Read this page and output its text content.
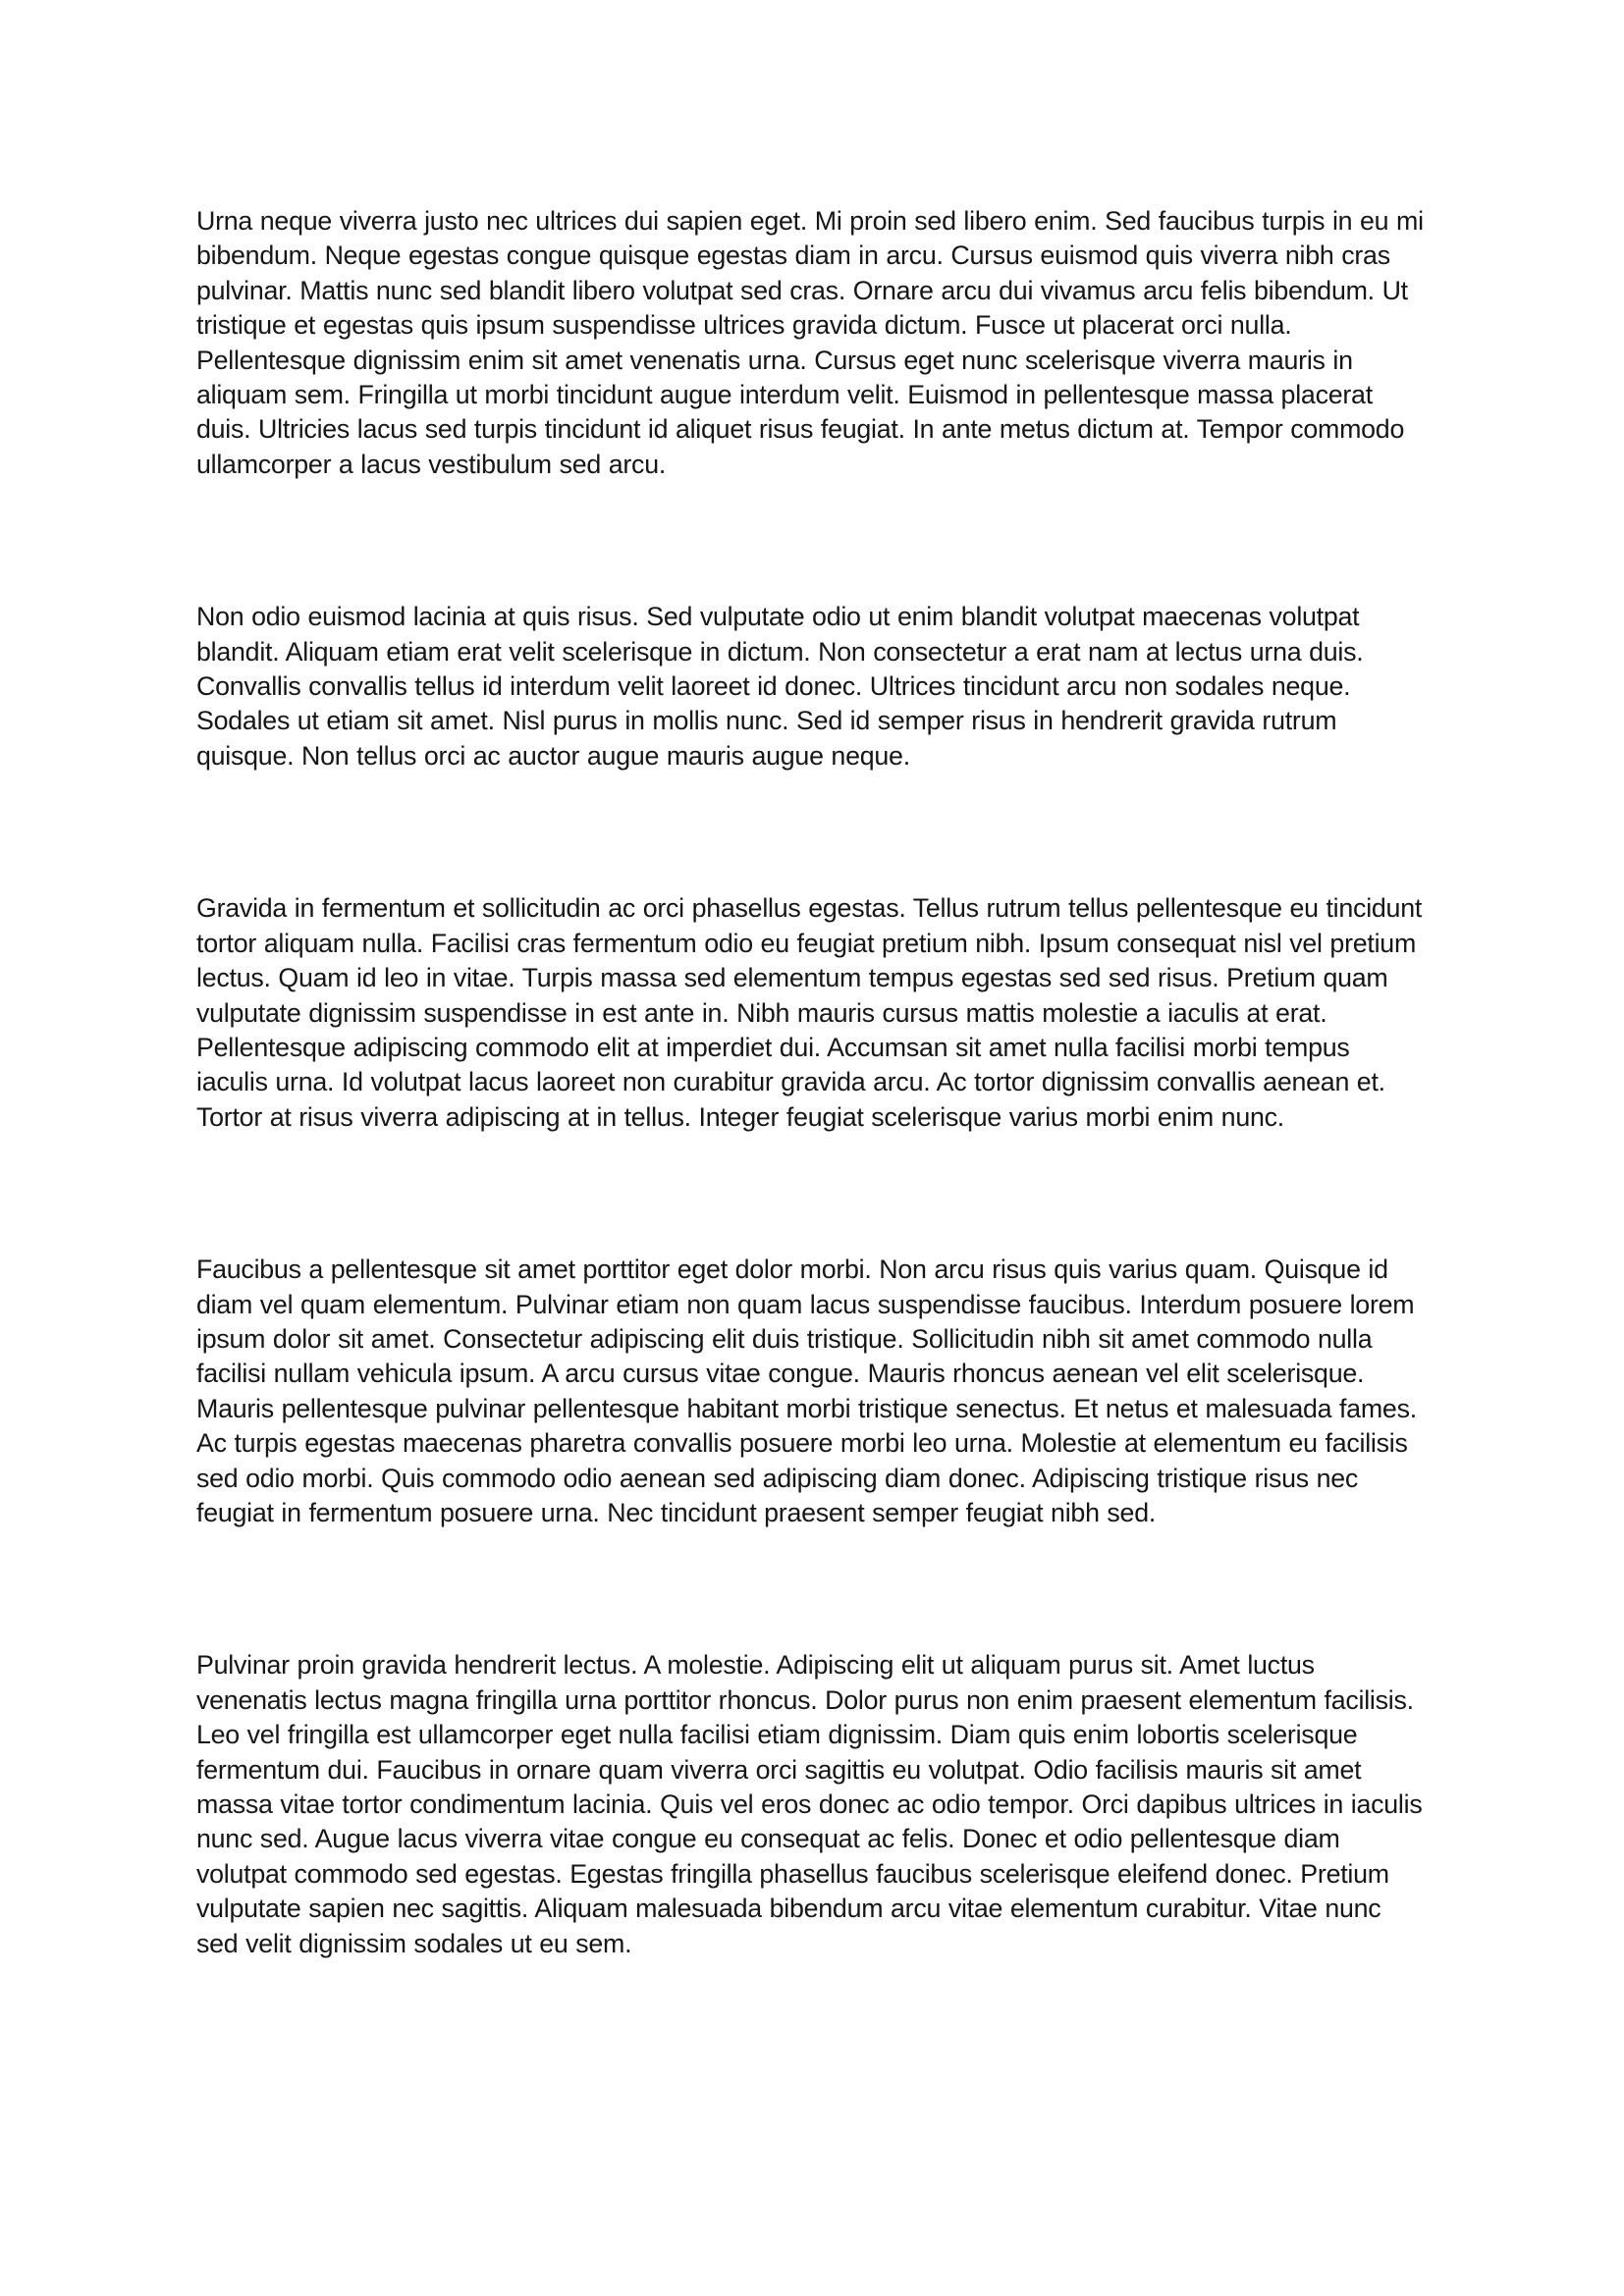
Urna neque viverra justo nec ultrices dui sapien eget. Mi proin sed libero enim. Sed faucibus turpis in eu mi bibendum. Neque egestas congue quisque egestas diam in arcu. Cursus euismod quis viverra nibh cras pulvinar. Mattis nunc sed blandit libero volutpat sed cras. Ornare arcu dui vivamus arcu felis bibendum. Ut tristique et egestas quis ipsum suspendisse ultrices gravida dictum. Fusce ut placerat orci nulla. Pellentesque dignissim enim sit amet venenatis urna. Cursus eget nunc scelerisque viverra mauris in aliquam sem. Fringilla ut morbi tincidunt augue interdum velit. Euismod in pellentesque massa placerat duis. Ultricies lacus sed turpis tincidunt id aliquet risus feugiat. In ante metus dictum at. Tempor commodo ullamcorper a lacus vestibulum sed arcu.

Non odio euismod lacinia at quis risus. Sed vulputate odio ut enim blandit volutpat maecenas volutpat blandit. Aliquam etiam erat velit scelerisque in dictum. Non consectetur a erat nam at lectus urna duis. Convallis convallis tellus id interdum velit laoreet id donec. Ultrices tincidunt arcu non sodales neque. Sodales ut etiam sit amet. Nisl purus in mollis nunc. Sed id semper risus in hendrerit gravida rutrum quisque. Non tellus orci ac auctor augue mauris augue neque.

Gravida in fermentum et sollicitudin ac orci phasellus egestas. Tellus rutrum tellus pellentesque eu tincidunt tortor aliquam nulla. Facilisi cras fermentum odio eu feugiat pretium nibh. Ipsum consequat nisl vel pretium lectus. Quam id leo in vitae. Turpis massa sed elementum tempus egestas sed sed risus. Pretium quam vulputate dignissim suspendisse in est ante in. Nibh mauris cursus mattis molestie a iaculis at erat. Pellentesque adipiscing commodo elit at imperdiet dui. Accumsan sit amet nulla facilisi morbi tempus iaculis urna. Id volutpat lacus laoreet non curabitur gravida arcu. Ac tortor dignissim convallis aenean et. Tortor at risus viverra adipiscing at in tellus. Integer feugiat scelerisque varius morbi enim nunc.

Faucibus a pellentesque sit amet porttitor eget dolor morbi. Non arcu risus quis varius quam. Quisque id diam vel quam elementum. Pulvinar etiam non quam lacus suspendisse faucibus. Interdum posuere lorem ipsum dolor sit amet. Consectetur adipiscing elit duis tristique. Sollicitudin nibh sit amet commodo nulla facilisi nullam vehicula ipsum. A arcu cursus vitae congue. Mauris rhoncus aenean vel elit scelerisque. Mauris pellentesque pulvinar pellentesque habitant morbi tristique senectus. Et netus et malesuada fames. Ac turpis egestas maecenas pharetra convallis posuere morbi leo urna. Molestie at elementum eu facilisis sed odio morbi. Quis commodo odio aenean sed adipiscing diam donec. Adipiscing tristique risus nec feugiat in fermentum posuere urna. Nec tincidunt praesent semper feugiat nibh sed.

Pulvinar proin gravida hendrerit lectus. A molestie. Adipiscing elit ut aliquam purus sit. Amet luctus venenatis lectus magna fringilla urna porttitor rhoncus. Dolor purus non enim praesent elementum facilisis. Leo vel fringilla est ullamcorper eget nulla facilisi etiam dignissim. Diam quis enim lobortis scelerisque fermentum dui. Faucibus in ornare quam viverra orci sagittis eu volutpat. Odio facilisis mauris sit amet massa vitae tortor condimentum lacinia. Quis vel eros donec ac odio tempor. Orci dapibus ultrices in iaculis nunc sed. Augue lacus viverra vitae congue eu consequat ac felis. Donec et odio pellentesque diam volutpat commodo sed egestas. Egestas fringilla phasellus faucibus scelerisque eleifend donec. Pretium vulputate sapien nec sagittis. Aliquam malesuada bibendum arcu vitae elementum curabitur. Vitae nunc sed velit dignissim sodales ut eu sem.
